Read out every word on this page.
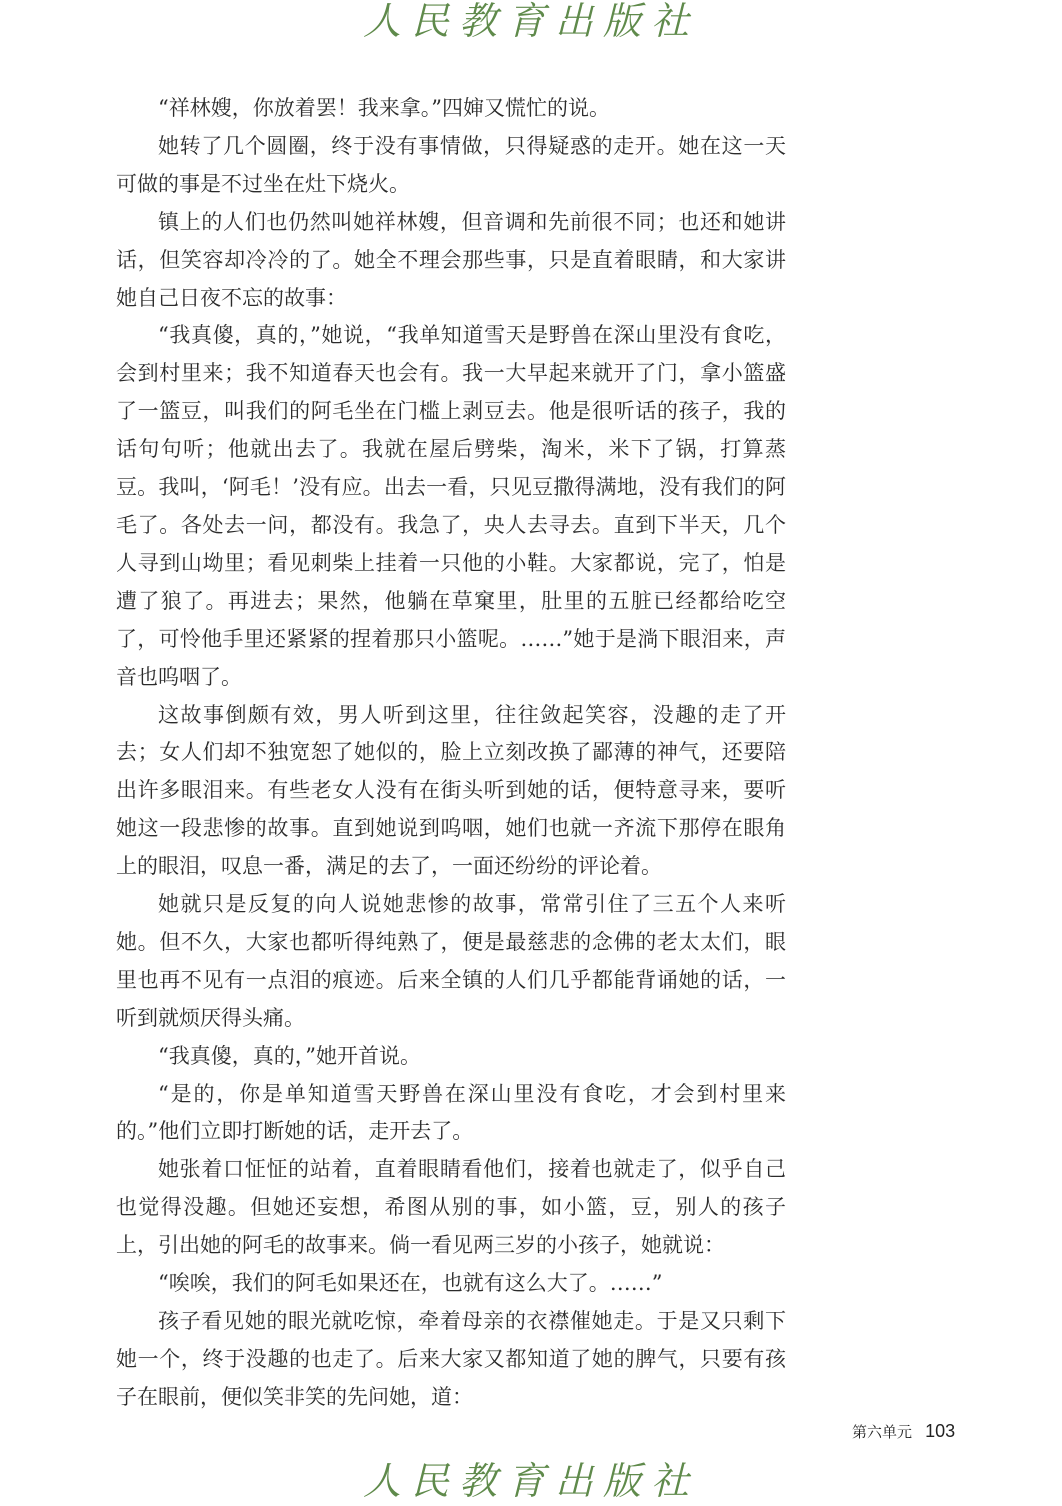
人民教育出版社

“祥林嫂，你放着罢！我来拿。”四婶又慌忙的说。

她转了几个圆圈，终于没有事情做，只得疑惑的走开。她在这一天可做的事是不过坐在灶下烧火。

镇上的人们也仍然叫她祥林嫂，但音调和先前很不同；也还和她讲话，但笑容却冷冷的了。她全不理会那些事，只是直着眼睛，和大家讲她自己日夜不忘的故事：

“我真傻，真的，”她说，“我单知道雪天是野兽在深山里没有食吃，会到村里来；我不知道春天也会有。我一大早起来就开了门，拿小篮盛了一篮豆，叫我们的阿毛坐在门槛上剥豆去。他是很听话的孩子，我的话句句听；他就出去了。我就在屋后劈柴，淘米，米下了锅，打算蒸豆。我叫，‘阿毛！’没有应。出去一看，只见豆撒得满地，没有我们的阿毛了。各处去一问，都没有。我急了，央人去寻去。直到下半天，几个人寻到山坳里；看见刺柴上挂着一只他的小鞋。大家都说，完了，怕是遭了狼了。再进去；果然，他躺在草窠里，肚里的五脏已经都给吃空了，可怜他手里还紧紧的捏着那只小篮呢。……”她于是淌下眼泪来，声音也呜咽了。

这故事倒颇有效，男人听到这里，往往敛起笑容，没趣的走了开去；女人们却不独宽恕了她似的，脸上立刻改换了鄙薄的神气，还要陪出许多眼泪来。有些老女人没有在街头听到她的话，便特意寻来，要听她这一段悲惨的故事。直到她说到呜咽，她们也就一齐流下那停在眼角上的眼泪，叹息一番，满足的去了，一面还纷纷的评论着。

她就只是反复的向人说她悲惨的故事，常常引住了三五个人来听她。但不久，大家也都听得纯熟了，便是最慈悲的念佛的老太太们，眼里也再不见有一点泪的痕迹。后来全镇的人们几乎都能背诵她的话，一听到就烦厌得头痛。

“我真傻，真的，”她开首说。

“是的，你是单知道雪天野兽在深山里没有食吃，才会到村里来的。”他们立即打断她的话，走开去了。

她张着口怔怔的站着，直着眼睛看他们，接着也就走了，似乎自己也觉得没趣。但她还妄想，希图从别的事，如小篮，豆，别人的孩子上，引出她的阿毛的故事来。倘一看见两三岁的小孩子，她就说：

“唉唉，我们的阿毛如果还在，也就有这么大了。……”

孩子看见她的眼光就吃惊，牵着母亲的衣襟催她走。于是又只剩下她一个，终于没趣的也走了。后来大家又都知道了她的脾气，只要有孩子在眼前，便似笑非笑的先问她，道：

第六单元 103
人民教育出版社
